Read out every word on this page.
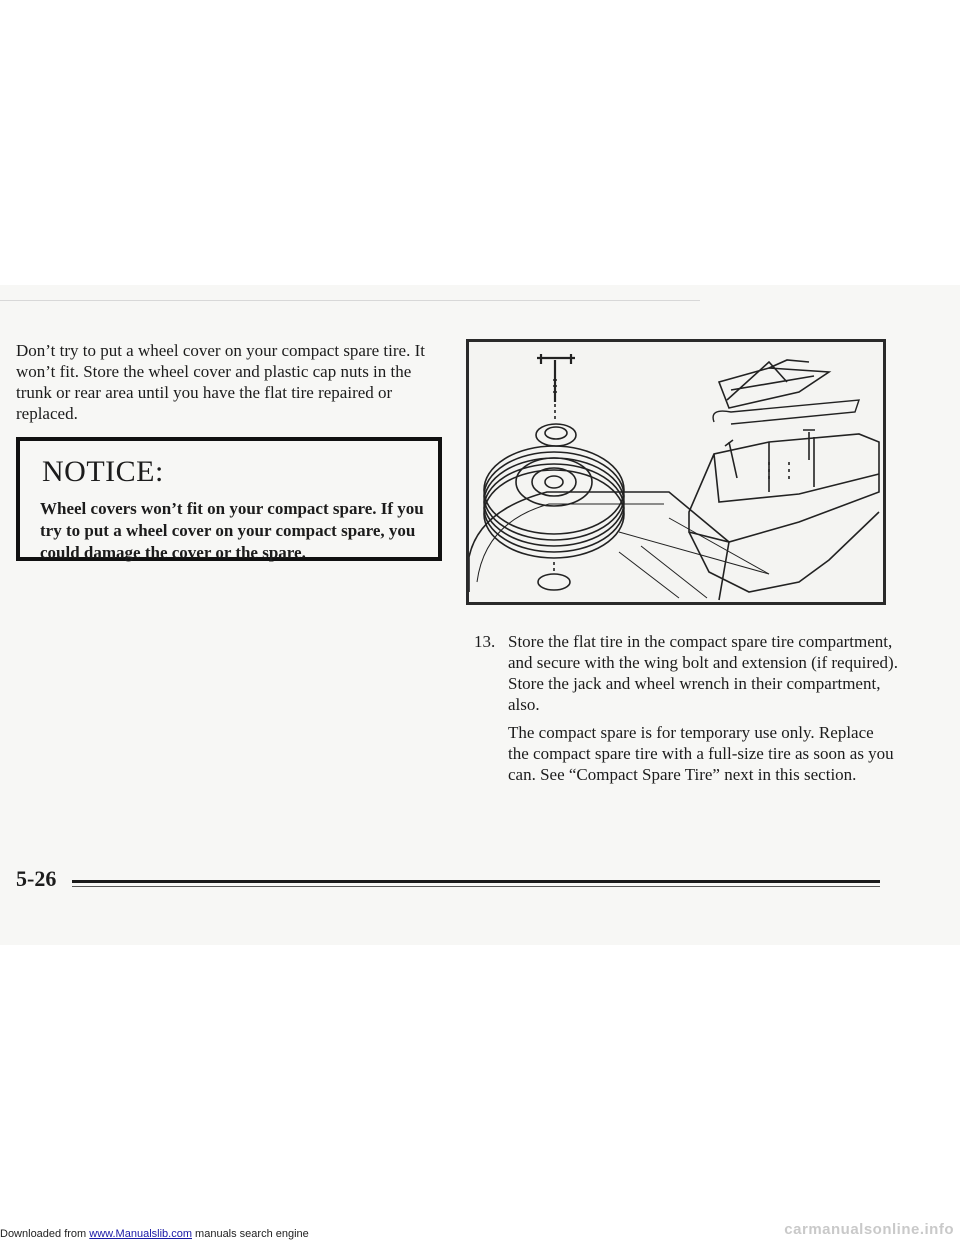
Don’t try to put a wheel cover on your compact spare tire. It won’t fit. Store the wheel cover and plastic cap nuts in the trunk or rear area until you have the flat tire repaired or replaced.

NOTICE:

Wheel covers won’t fit on your compact spare. If you try to put a wheel cover on your compact spare, you could damage the cover or the spare.

13. Store the flat tire in the compact spare tire compartment, and secure with the wing bolt and extension (if required). Store the jack and wheel wrench in their compartment, also.

The compact spare is for temporary use only. Replace the compact spare tire with a full-size tire as soon as you can. See “Compact Spare Tire” next in this section.

5-26
Downloaded from www.Manualslib.com manuals search engine	carmanualsonline.info
